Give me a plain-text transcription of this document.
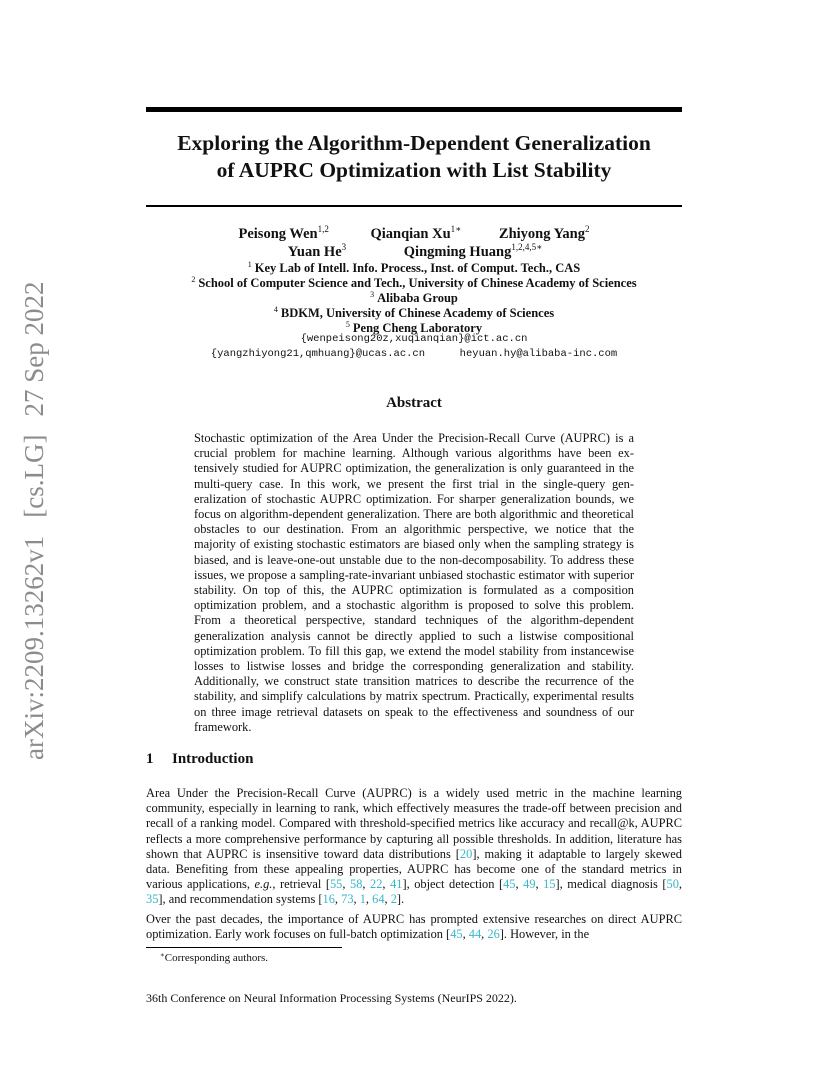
arXiv:2209.13262v1[cs.LG]27 Sep 2022
Exploring the Algorithm-Dependent Generalization
of AUPRC Optimization with List Stability
Peisong Wen$^{1,2}$	Qianqian $Xu^{1∗}$	Zhiyong Yang$^2$
Yuan He$^3$	Qingming Huang$^{1,2,4,5∗}$
$^1$ Key Lab of Intell. Info. Process., Inst. of Comput. Tech., CAS
$^2$ School of Computer Science and Tech., University of Chinese Academy of Sciences
$^3$ Alibaba Group
$^4$ BDKM, University of Chinese Academy of Sciences
$^5$ Peng Cheng Laboratory
{wenpeisong20z,xuqianqian}@ict.ac.cn
{yangzhiyong21,qmhuang}@ucas.ac.cn	heyuan.hy@alibaba-inc.com
Abstract
Stochastic optimization of the Area Under the Precision-Recall Curve (AUPRC) is a crucial problem for machine learning. Although various algorithms have been extensively studied for AUPRC optimization, the generalization is only guaranteed in the multi-query case. In this work, we present the first trial in the single-query generalization of stochastic AUPRC optimization. For sharper generalization bounds, we focus on algorithm-dependent generalization. There are both algorithmic and theoretical obstacles to our destination. From an algorithmic perspective, we notice that the majority of existing stochastic estimators are biased only when the sampling strategy is biased, and is leave-one-out unstable due to the non-decomposability. To address these issues, we propose a sampling-rate-invariant unbiased stochastic estimator with superior stability. On top of this, the AUPRC optimization is formulated as a composition optimization problem, and a stochastic algorithm is proposed to solve this problem. From a theoretical perspective, standard techniques of the algorithm-dependent generalization analysis cannot be directly applied to such a listwise compositional optimization problem. To fill this gap, we extend the model stability from instancewise losses to listwise losses and bridge the corresponding generalization and stability. Additionally, we construct state transition matrices to describe the recurrence of the stability, and simplify calculations by matrix spectrum. Practically, experimental results on three image retrieval datasets on speak to the effectiveness and soundness of our framework.
1 Introduction
Area Under the Precision-Recall Curve (AUPRC) is a widely used metric in the machine learning community, especially in learning to rank, which effectively measures the trade-off between precision and recall of a ranking model. Compared with threshold-specified metrics like accuracy and recall@k, AUPRC reflects a more comprehensive performance by capturing all possible thresholds. In addition, literature has shown that AUPRC is insensitive toward data distributions [20], making it adaptable to largely skewed data. Benefiting from these appealing properties, AUPRC has become one of the standard metrics in various applications, e.g., retrieval [55, 58, 22, 41], object detection [45, 49, 15], medical diagnosis [50, 35], and recommendation systems [16, 73, 1, 64, 2].
Over the past decades, the importance of AUPRC has prompted extensive researches on direct AUPRC optimization. Early work focuses on full-batch optimization [45, 44, 26]. However, in the
∗Corresponding authors.
36th Conference on Neural Information Processing Systems (NeurIPS 2022).
